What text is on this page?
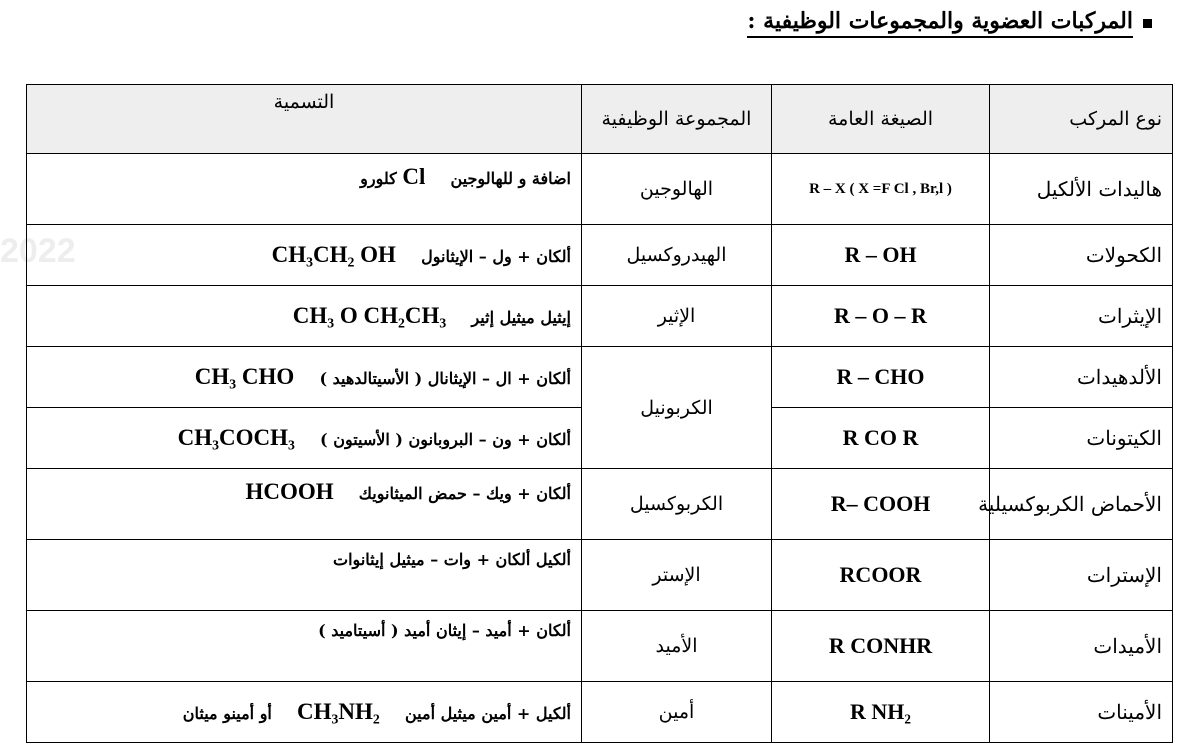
2022
المركبات العضوية والمجموعات الوظيفية :
نوع المركب	الصيغة العامة	المجموعة الوظيفية	التسمية
هاليدات الألكيل	R – X ( X =F Cl , Br,l )	الهالوجين	اضافة و للهالوجين  Cl كلورو
الكحولات	R – OH	الهيدروكسيل	ألكان + ول – الإيثانول  CH₃CH₂ OH
الإيثرات	R – O – R	الإثير	إيثيل ميثيل إثير  CH₃ O CH₂CH₃
الألدهيدات	R – CHO	الكربونيل	ألكان + ال – الإيثانال ( الأسيتالدهيد )  CH₃ CHO
الكيتونات	R CO R		ألكان + ون – البروبانون ( الأسيتون )  CH₃COCH₃
الأحماض الكربوكسيلية	R– COOH	الكربوكسيل	ألكان + ويك – حمض الميثانويك  HCOOH
الإسترات	RCOOR	الإستر	ألكيل ألكان + وات – ميثيل إيثانوات
الأميدات	R CONHR	الأميد	ألكان + أميد – إيثان أميد ( أسيتاميد )
الأمينات	R NH₂	أمين	ألكيل + أمين ميثيل أمين  CH₃NH₂  أو أمينو ميثان
